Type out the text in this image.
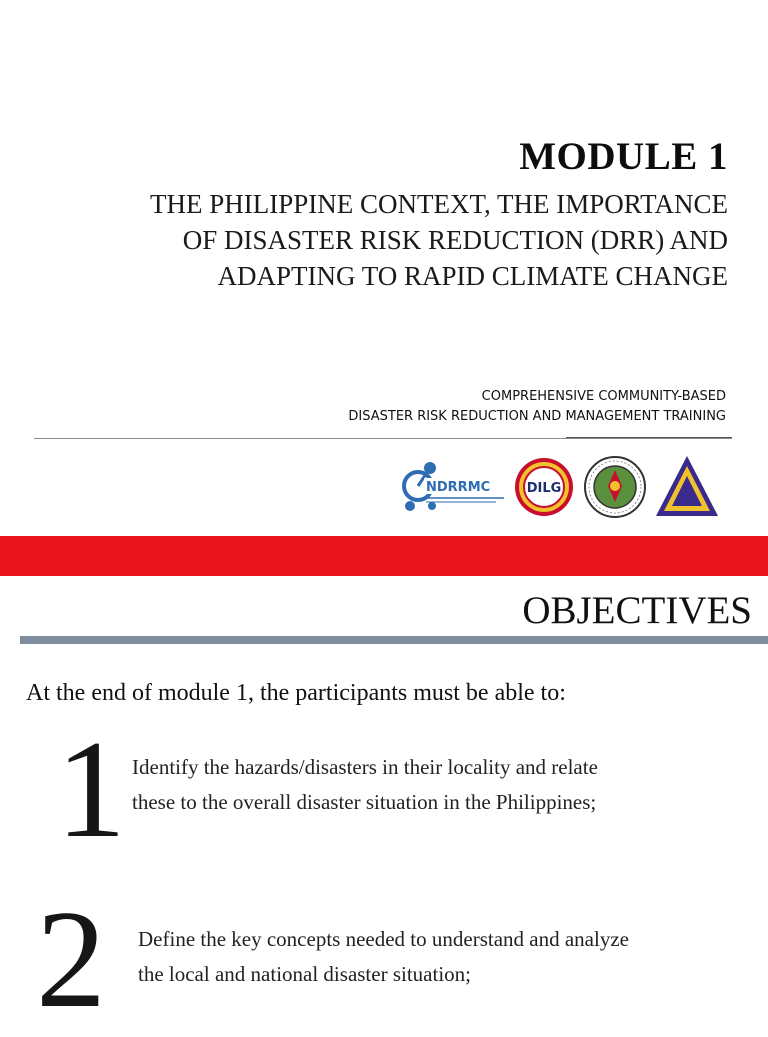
MODULE 1
THE PHILIPPINE CONTEXT, THE IMPORTANCE
OF DISASTER RISK REDUCTION (DRR) AND
ADAPTING TO RAPID CLIMATE CHANGE
COMPREHENSIVE COMMUNITY-BASED
DISASTER RISK REDUCTION AND MANAGEMENT TRAINING
NDRRMC	DILG
OBJECTIVES
At the end of module 1, the participants must be able to:
1 Identify the hazards/disasters in their locality and relate
these to the overall disaster situation in the Philippines;
2 Define the key concepts needed to understand and analyze
the local and national disaster situation;
